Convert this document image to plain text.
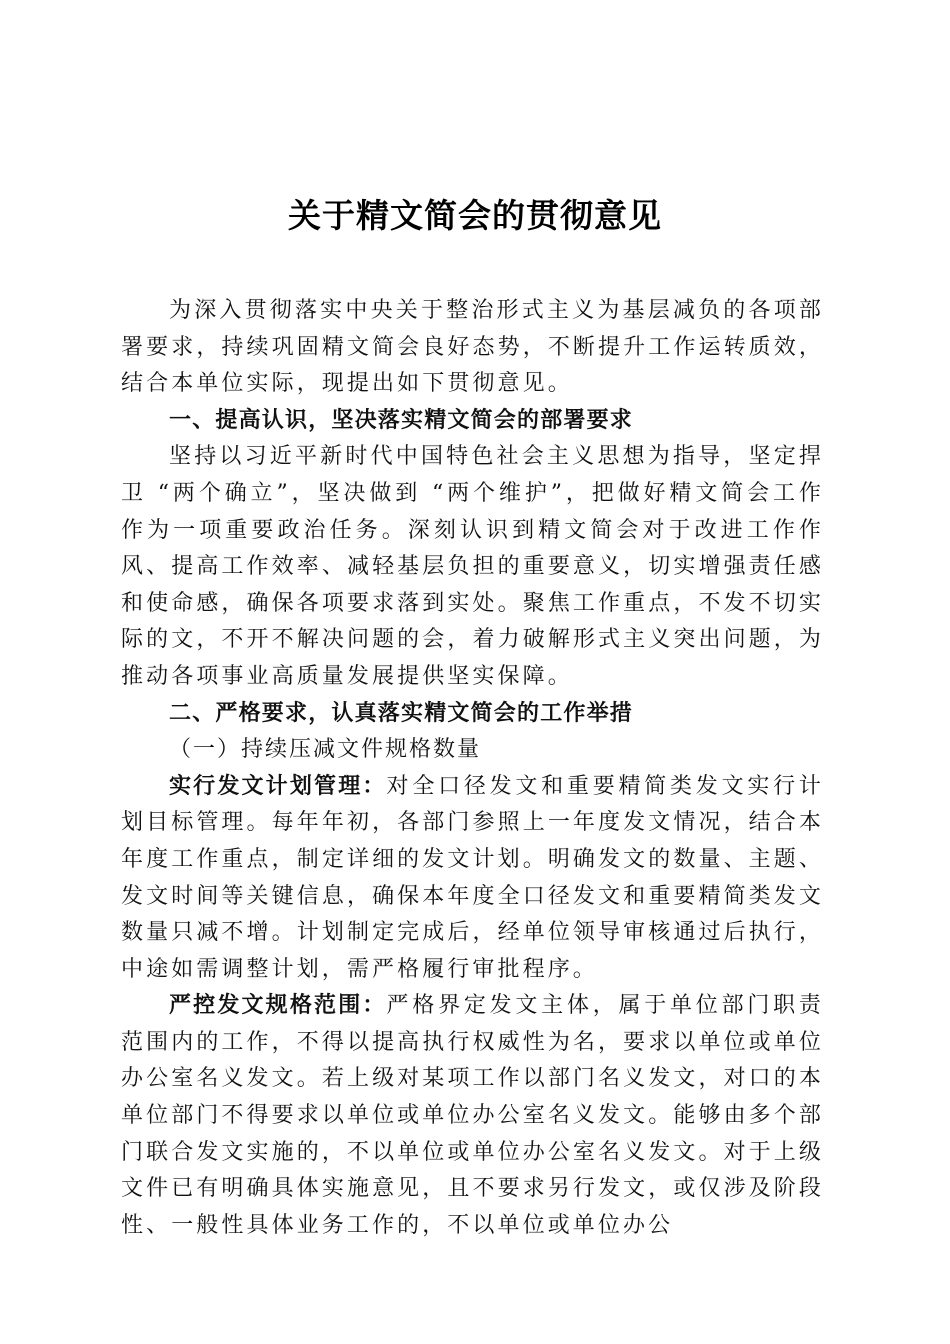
关于精文简会的贯彻意见

为深入贯彻落实中央关于整治形式主义为基层减负的各项部署要求，持续巩固精文简会良好态势，不断提升工作运转质效，结合本单位实际，现提出如下贯彻意见。

一、提高认识，坚决落实精文简会的部署要求

坚持以习近平新时代中国特色社会主义思想为指导，坚定捍卫 “两个确立”，坚决做到 “两个维护”，把做好精文简会工作作为一项重要政治任务。深刻认识到精文简会对于改进工作作风、提高工作效率、减轻基层负担的重要意义，切实增强责任感和使命感，确保各项要求落到实处。聚焦工作重点，不发不切实际的文，不开不解决问题的会，着力破解形式主义突出问题，为推动各项事业高质量发展提供坚实保障。

二、严格要求，认真落实精文简会的工作举措

（一）持续压减文件规格数量

实行发文计划管理：对全口径发文和重要精简类发文实行计划目标管理。每年年初，各部门参照上一年度发文情况，结合本年度工作重点，制定详细的发文计划。明确发文的数量、主题、发文时间等关键信息，确保本年度全口径发文和重要精简类发文数量只减不增。计划制定完成后，经单位领导审核通过后执行，中途如需调整计划，需严格履行审批程序。

严控发文规格范围：严格界定发文主体，属于单位部门职责范围内的工作，不得以提高执行权威性为名，要求以单位或单位办公室名义发文。若上级对某项工作以部门名义发文，对口的本单位部门不得要求以单位或单位办公室名义发文。能够由多个部门联合发文实施的，不以单位或单位办公室名义发文。对于上级文件已有明确具体实施意见，且不要求另行发文，或仅涉及阶段性、一般性具体业务工作的，不以单位或单位办公
